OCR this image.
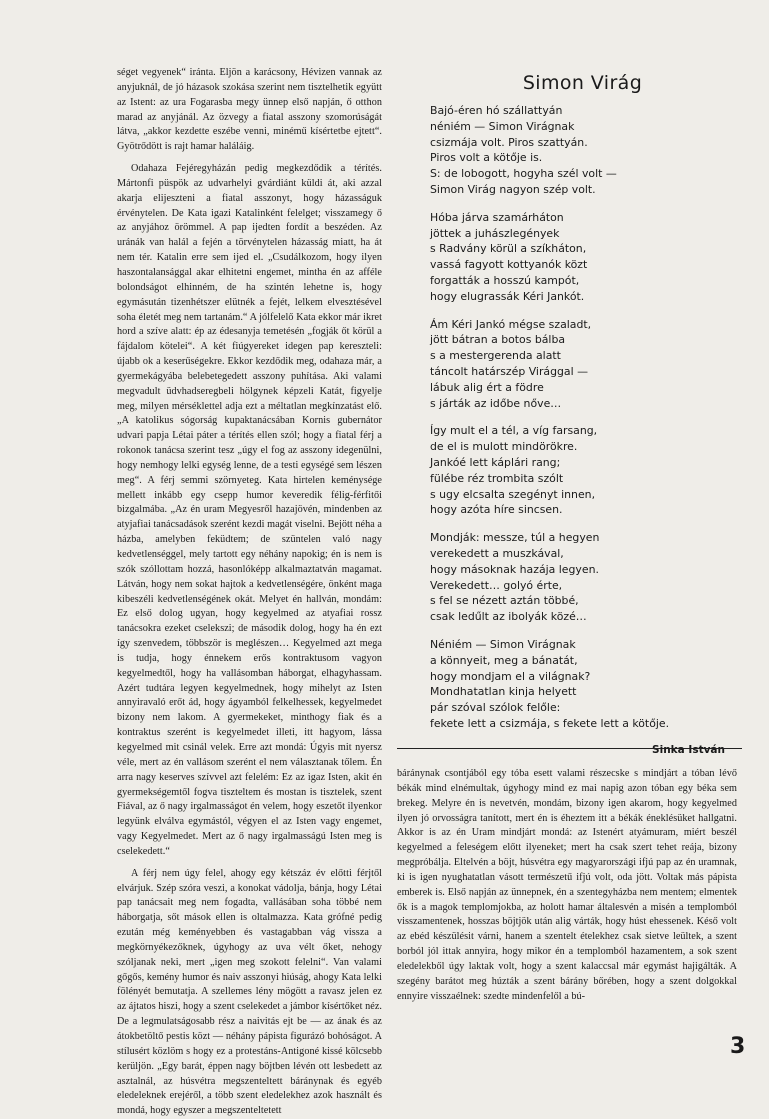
séget vegyenek“ iránta. Eljön a karácsony, Hévizen vannak az anyjuknál, de jó házasok szokása szerint nem tisztelhetik együtt az Istent: az ura Fogarasba megy ünnep első napján, ő otthon marad az anyjánál. Az özvegy a fiatal asszony szomorúságát látva, „akkor kezdette eszébe venni, minémű kísértetbe ejtett“. Gyötrődött is rajt hamar haláláig.

Odahaza Fejéregyházán pedig megkezdődik a térítés. Mártonfi püspök az udvarhelyi gvárdiánt küldi át, aki azzal akarja elijeszteni a fiatal asszonyt, hogy házasságuk érvénytelen. De Kata igazi Katalinként felelget; visszamegy ő az anyjához örömmel. A pap ijedten fordít a beszéden. Az uránák van halál a fején a törvénytelen házasság miatt, ha át nem tér. Katalin erre sem ijed el. „Csudálkozom, hogy ilyen haszontalansággal akar elhitetni engemet, mintha én az afféle bolondságot elhinném, de ha szintén lehetne is, hogy egymásután tizenhétszer elütnék a fejét, lelkem elvesztésével soha életét meg nem tartanám.“ A jólfelelő Kata ekkor már ikret hord a szíve alatt: ép az édesanyja temetésén „fogják őt körül a fájdalom kötelei“. A két fiúgyereket idegen pap kereszteli: újabb ok a keserűségekre. Ekkor kezdődik meg, odahaza már, a gyermekágyába belebetegedett asszony puhítása. Aki valami megvadult üdvhadseregbeli hölgynek képzeli Katát, figyelje meg, milyen mérséklettel adja ezt a méltatlan megkínzatást elő. „A katolikus sógorság kupaktanácsában Kornis gubernátor udvari papja Létai páter a térítés ellen szól; hogy a fiatal férj a rokonok tanácsa szerint tesz „úgy el fog az asszony idegenülni, hogy nemhogy lelki egység lenne, de a testi egységé sem lészen meg“. A férj semmi szörnyeteg. Kata hirtelen keménysége mellett inkább egy csepp humor keveredik félig-férfitői bizgalmába. „Az én uram Megyesről hazajövén, mindenben az atyjafiai tanácsadások szerént kezdi magát viselni. Bejött néha a házba, amelyben feküdtem; de szüntelen való nagy kedvetlenséggel, mely tartott egy néhány napokig; én is nem is szók szóllottam hozzá, hasonlóképp alkalmaztatván magamat. Látván, hogy nem sokat hajtok a kedvetlenségére, önként maga kibeszéli kedvetlenségének okát. Melyet én hallván, mondám: Ez első dolog ugyan, hogy kegyelmed az atyafiai rossz tanácsokra ezeket cselekszi; de második dolog, hogy ha én ezt így szenvedem, többször is meglészen… Kegyelmed azt mega is tudja, hogy énnekem erős kontraktusom vagyon kegyelmedtől, hogy ha vallásomban háborgat, elhagyhassam. Azért tudtára legyen kegyelmednek, hogy mihelyt az Isten annyiravaló erőt ád, hogy ágyamból felkelhessek, kegyelmedet bizony nem lakom. A gyermekeket, minthogy fiak és a kontraktus szerént is kegyelmedet illeti, itt hagyom, lássa kegyelmed mit csinál velek. Erre azt mondá: Úgyis mit nyersz véle, mert az én vallásom szerént el nem választanak tőlem. Én arra nagy keserves szívvel azt felelém: Ez az igaz Isten, akit én gyermekségemtől fogva tiszteltem és mostan is tisztelek, szent Fiával, az ő nagy irgalmasságot én velem, hogy eszetőt ilyenkor legyünk elválva egymástól, végyen el az Isten vagy engemet, vagy Kegyelmedet. Mert az ő nagy irgalmasságú Isten meg is cselekedett.“

A férj nem úgy felel, ahogy egy kétszáz év előtti férjtől elvárjuk. Szép szóra veszi, a konokat vádolja, bánja, hogy Létai pap tanácsait meg nem fogadta, vallásában soha többé nem háborgatja, sőt mások ellen is oltalmazza. Kata grófné pedig ezután még keményebben és vastagabban vág vissza a megkörnyékezőknek, úgyhogy az uva vélt őket, nehogy szóljanak neki, mert „igen meg szokott felelni“. Van valami gőgős, kemény humor és naiv asszonyi hiúság, ahogy Kata lelki fölényét bemutatja. A szellemes lény mögött a ravasz jelen ez az ájtatos hiszi, hogy a szent cselekedet a jámbor kísértőket néz. De a legmulatságosabb rész a naivitás ejt be — az ának és az átokbetöltő pestis közt — néhány pápista figurázó bohóságot. A stílusért közlöm s hogy ez a protestáns-Antigoné kissé kölcsebb kerüljön. „Egy barát, éppen nagy böjtben lévén ott lesbedett az asztalnál, az húsvétra megszenteltett báránynak és egyéb eledeleknek erejéről, a több szent eledelekhez azok használt és mondá, hogy egyszer a megszenteltetett

Simon Virág
Bajó-éren hó szállattyán
néniém — Simon Virágnak
csizmája volt. Piros szattyán.
Piros volt a kötője is.
S: de lobogott, hogyha szél volt —
Simon Virág nagyon szép volt.
Hóba járva szamárháton
jöttek a juhászlegények
s Radvány körül a szíkháton,
vassá fagyott kottyanók közt
forgatták a hosszú kampót,
hogy elugrassák Kéri Jankót.
Ám Kéri Jankó mégse szaladt,
jött bátran a botos bálba
s a mestergerenda alatt
táncolt határszép Virággal —
lábuk alig ért a födre
s járták az időbe nőve…
Így mult el a tél, a víg farsang,
de el is mulott mindörökre.
Jankóé lett káplári rang;
fülébe réz trombita szólt
s ugy elcsalta szegényt innen,
hogy azóta híre sincsen.
Mondják: messze, túl a hegyen
verekedett a muszkával,
hogy másoknak hazája legyen.
Verekedett… golyó érte,
s fel se nézett aztán többé,
csak ledűlt az ibolyák közé…
Néniém — Simon Virágnak
a könnyeit, meg a bánatát,
hogy mondjam el a világnak?
Mondhatatlan kinja helyett
pár szóval szólok felőle:
fekete lett a csizmája, s fekete lett a kötője.
Sinka István

báránynak csontjából egy tóba esett valami részecske s mindjárt a tóban lévő békák mind elnémultak, úgyhogy mind ez mai napig azon tóban egy béka sem brekeg. Melyre én is nevetvén, mondám, bizony igen akarom, hogy kegyelmed ilyen jó orvosságra tanított, mert én is éheztem itt a békák éneklésüket hallgatni. Akkor is az én Uram mindjárt mondá: az Istenért atyámuram, miért beszél kegyelmed a feleségem előtt ilyeneket; mert ha csak szert tehet reája, bizony megpróbálja. Eltelvén a böjt, húsvétra egy magyarországi ifjú pap az én uramnak, ki is igen nyughatatlan vásott természetű ifjú volt, oda jött. Voltak más pápista emberek is. Első napján az ünnepnek, én a szentegyházba nem mentem; elmentek ők is a magok templomjokba, az holott hamar általesvén a misén a templomból visszamentenek, hosszas böjtjök után alig várták, hogy húst ehessenek. Késő volt az ebéd készülésit várni, hanem a szentelt ételekhez csak sietve leültek, a szent borból jól ittak annyira, hogy mikor én a templomból hazamentem, a sok szent eledelekből úgy laktak volt, hogy a szent kalaccsal már egymást hajigálták. A szegény barátot meg húzták a szent bárány bőrében, hogy a szent dolgokkal ennyire visszaélnek: szedte mindenfelől a bú-

3
